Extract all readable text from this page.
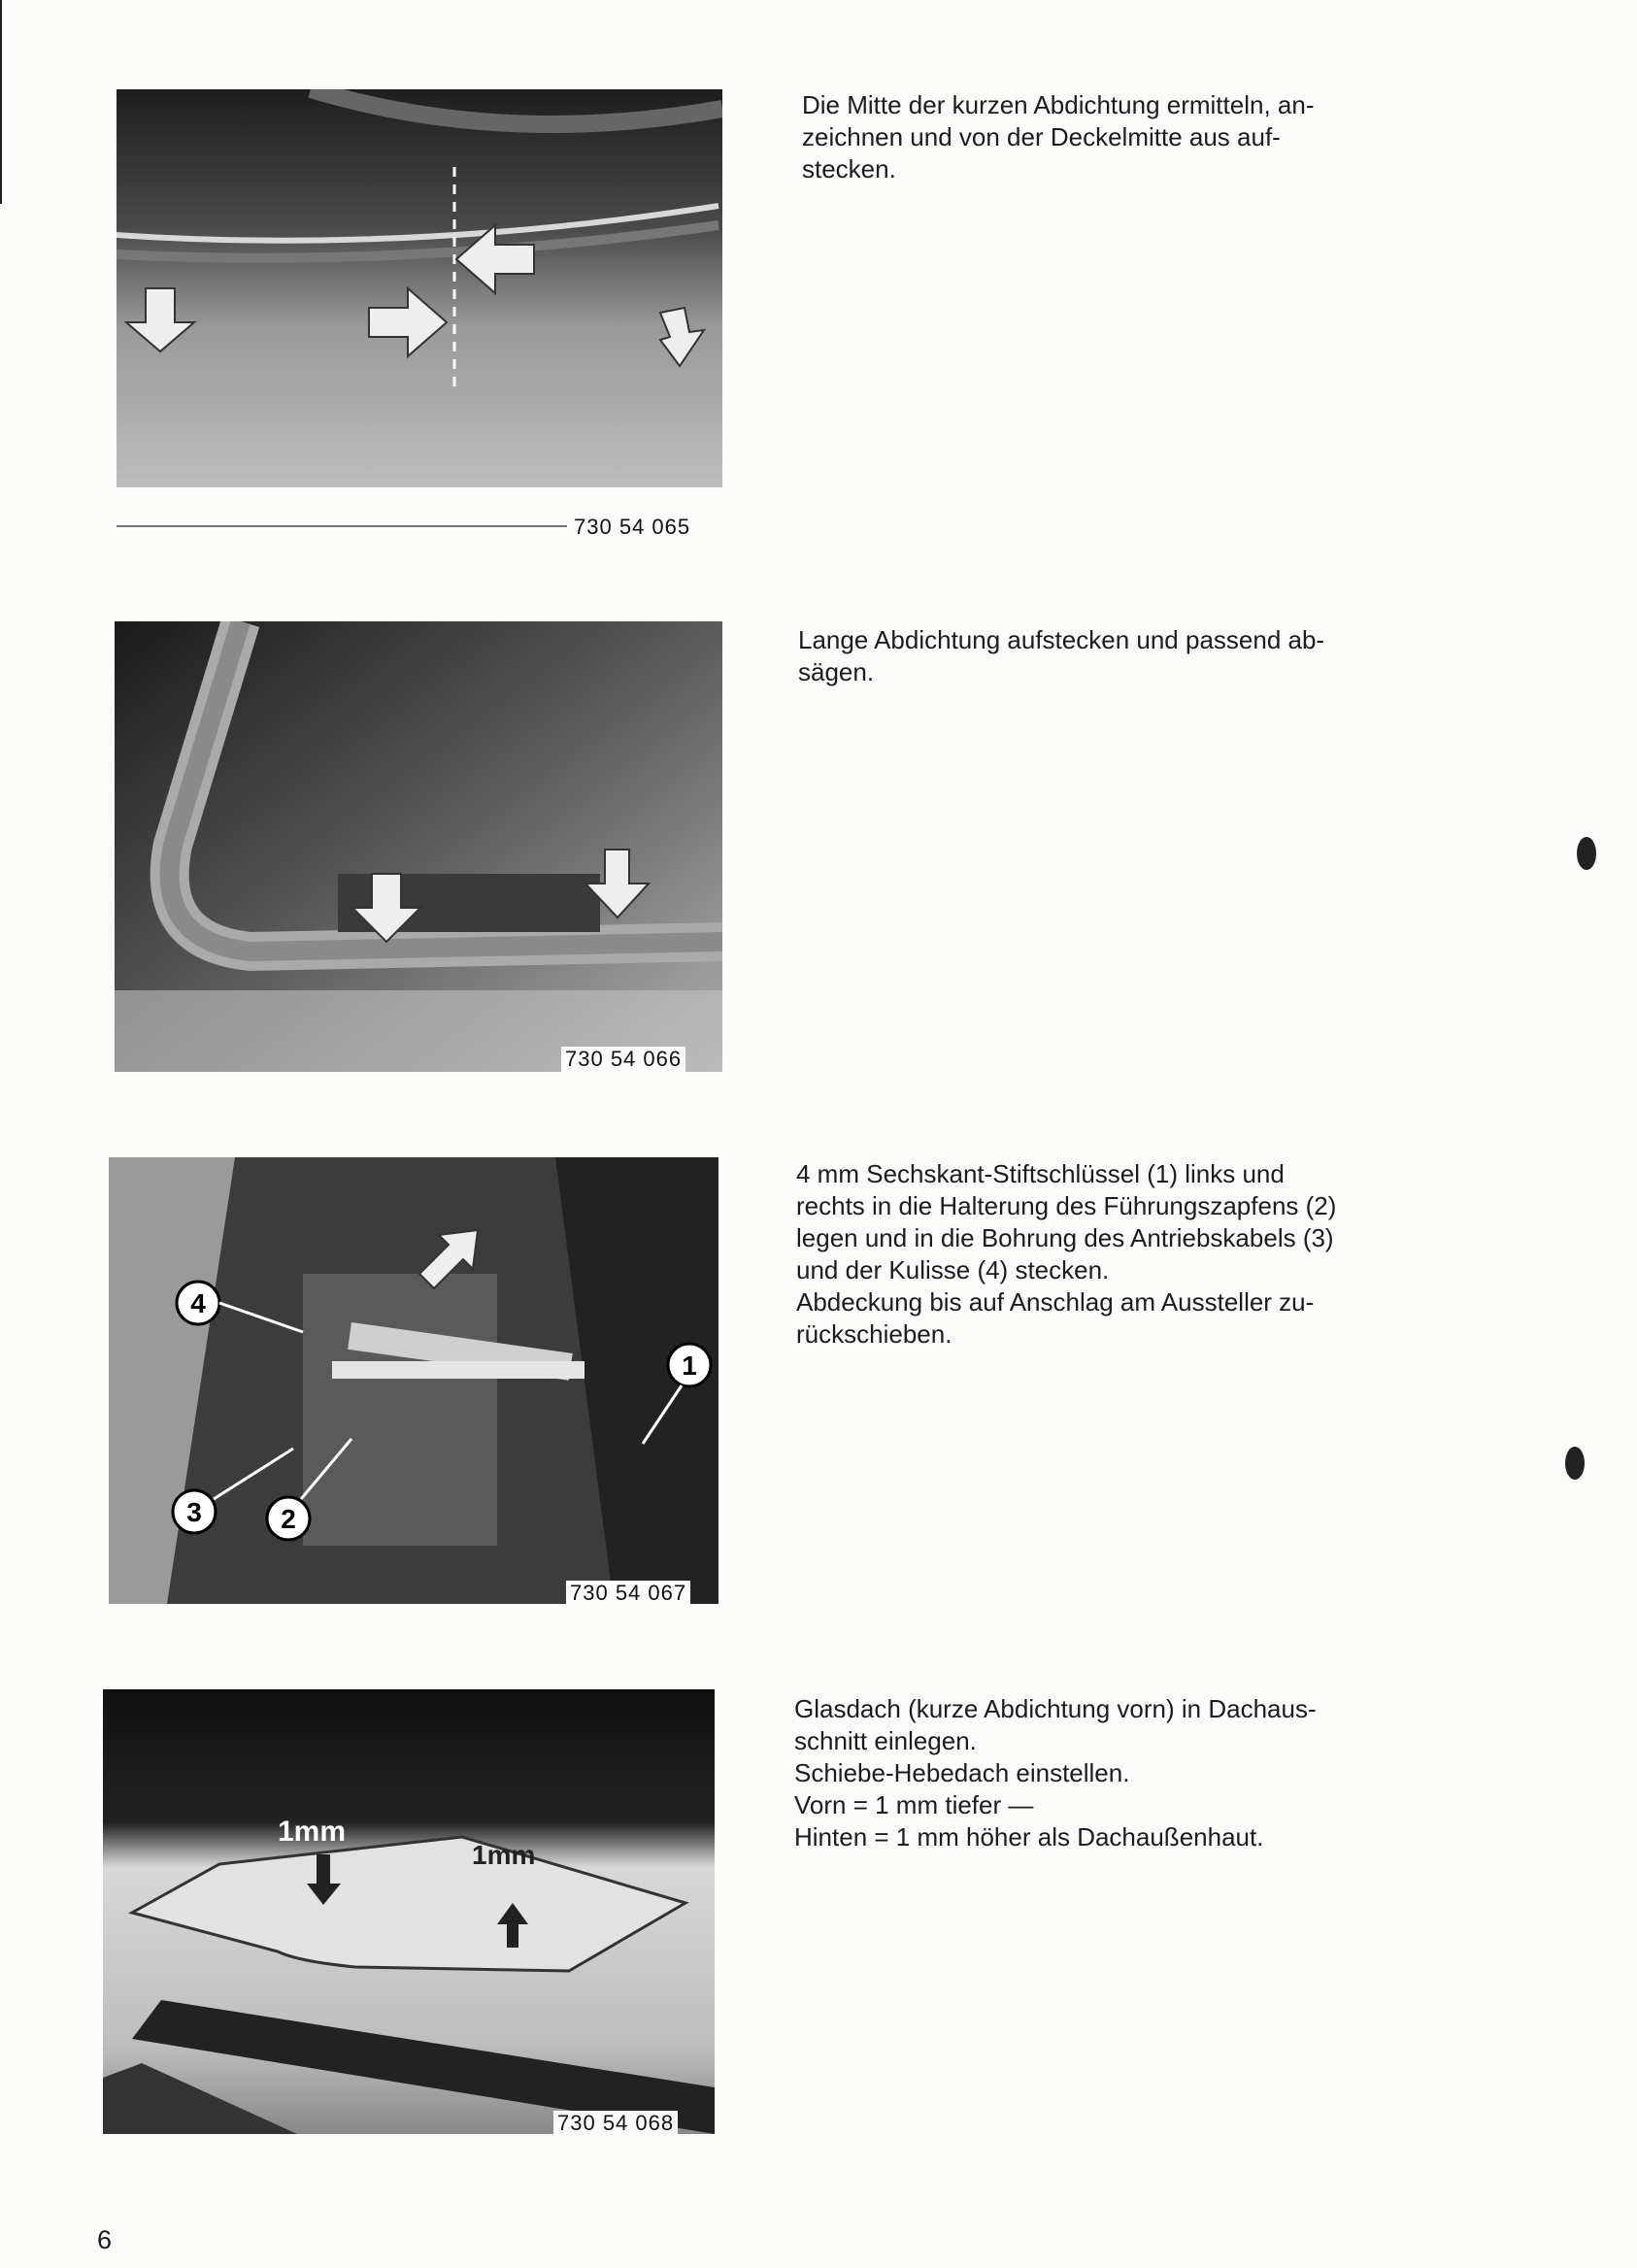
730 54 065

Die Mitte der kurzen Abdichtung ermitteln, an-

zeichnen und von der Deckelmitte aus auf-

stecken.

730 54 066

Lange Abdichtung aufstecken und passend ab-

sägen.

4
1
3	2
730 54 067

4 mm Sechskant-Stiftschlüssel (1) links und

rechts in die Halterung des Führungszapfens (2)

legen und in die Bohrung des Antriebskabels (3)

und der Kulisse (4) stecken.

Abdeckung bis auf Anschlag am Aussteller zu-

rückschieben.

1mm
1mm
730 54 068

Glasdach (kurze Abdichtung vorn) in Dachaus-

schnitt einlegen.

Schiebe-Hebedach einstellen.

Vorn = 1 mm tiefer —

Hinten = 1 mm höher als Dachaußenhaut.

6
